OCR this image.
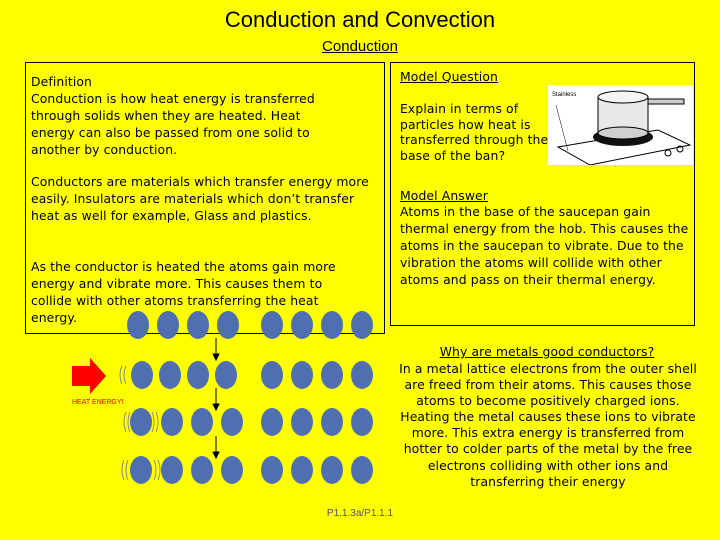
Conduction and Convection
Conduction
Definition
Conduction is how heat energy is transferred through solids when they are heated. Heat energy can also be passed from one solid to another by conduction.
Conductors are materials which transfer energy more easily. Insulators are materials which don’t transfer heat as well for example, Glass and plastics.
As the conductor is heated the atoms gain more energy and vibrate more. This causes them to collide with other atoms transferring the heat energy.
HEAT ENERGY!
Model Question
Explain in terms of particles how heat is transferred through the base of the ban?
Stainless
Model Answer
Atoms in the base of the saucepan gain thermal energy from the hob. This causes the atoms in the saucepan to vibrate. Due to the vibration the atoms will collide with other atoms and pass on their thermal energy.
Why are metals good conductors?
In a metal lattice electrons from the outer shell are freed from their atoms. This causes those atoms to become positively charged ions. Heating the metal causes these ions to vibrate more. This extra energy is transferred from hotter to colder parts of the metal by the free electrons colliding with other ions and transferring their energy
P1.1.3a/P1.1.1
